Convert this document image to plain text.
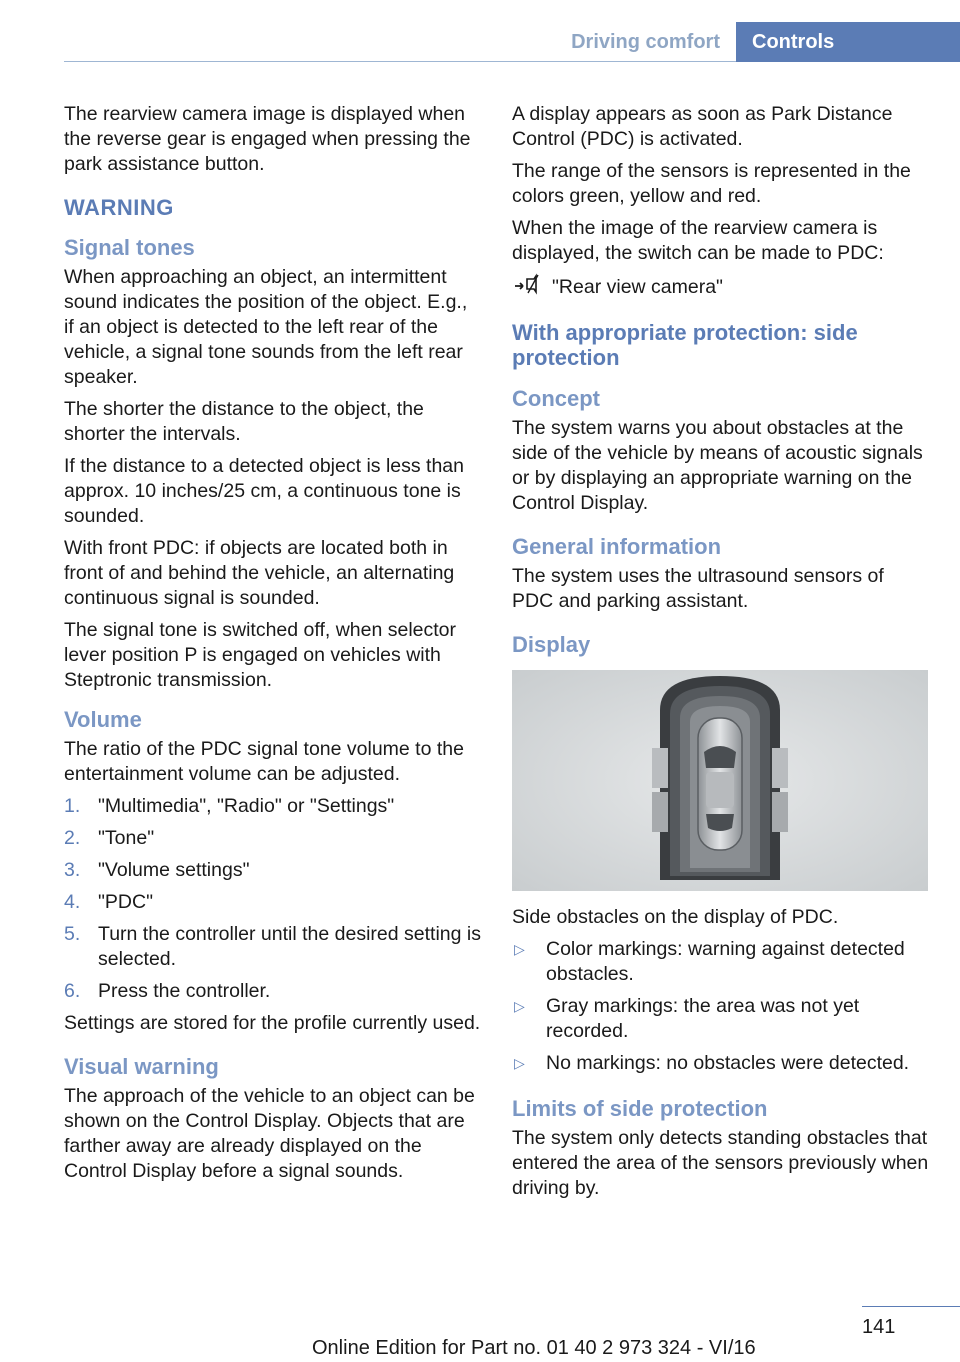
Driving comfort	Controls

The rearview camera image is displayed when the reverse gear is engaged when pressing the park assistance button.

WARNING
Signal tones

When approaching an object, an intermittent sound indicates the position of the object. E.g., if an object is detected to the left rear of the vehicle, a signal tone sounds from the left rear speaker.

The shorter the distance to the object, the shorter the intervals.

If the distance to a detected object is less than approx. 10 inches/25 cm, a continuous tone is sounded.

With front PDC: if objects are located both in front of and behind the vehicle, an alternating continuous signal is sounded.

The signal tone is switched off, when selector lever position P is engaged on vehicles with Steptronic transmission.

Volume

The ratio of the PDC signal tone volume to the entertainment volume can be adjusted.

1. "Multimedia", "Radio" or "Settings"
2. "Tone"
3. "Volume settings"
4. "PDC"
5. Turn the controller until the desired setting is selected.
6. Press the controller.

Settings are stored for the profile currently used.

Visual warning

The approach of the vehicle to an object can be shown on the Control Display. Objects that are farther away are already displayed on the Control Display before a signal sounds.

A display appears as soon as Park Distance Control (PDC) is activated.

The range of the sensors is represented in the colors green, yellow and red.

When the image of the rearview camera is displayed, the switch can be made to PDC:

"Rear view camera"
With appropriate protection: side protection
Concept

The system warns you about obstacles at the side of the vehicle by means of acoustic signals or by displaying an appropriate warning on the Control Display.

General information

The system uses the ultrasound sensors of PDC and parking assistant.

Display

Side obstacles on the display of PDC.

▷ Color markings: warning against detected obstacles.
▷ Gray markings: the area was not yet recorded.
▷ No markings: no obstacles were detected.
Limits of side protection

The system only detects standing obstacles that entered the area of the sensors previously when driving by.

141
Online Edition for Part no. 01 40 2 973 324 - VI/16
